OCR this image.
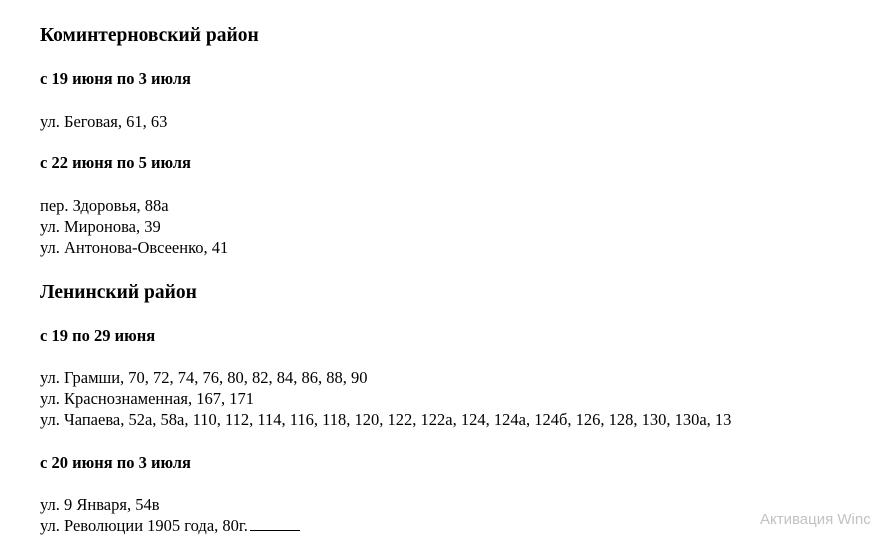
Коминтерновский район
с 19 июня по 3 июля
ул. Беговая, 61, 63
с 22 июня по 5 июля
пер. Здоровья, 88а
ул. Миронова, 39
ул. Антонова-Овсеенко, 41
Ленинский район
с 19 по 29 июня
ул. Грамши, 70, 72, 74, 76, 80, 82, 84, 86, 88, 90
ул. Краснознаменная, 167, 171
ул. Чапаева, 52а, 58а, 110, 112, 114, 116, 118, 120, 122, 122а, 124, 124а, 124б, 126, 128, 130, 130а, 13
с 20 июня по 3 июля
ул. 9 Января, 54в
ул. Революции 1905 года, 80г.	Активация Winc
